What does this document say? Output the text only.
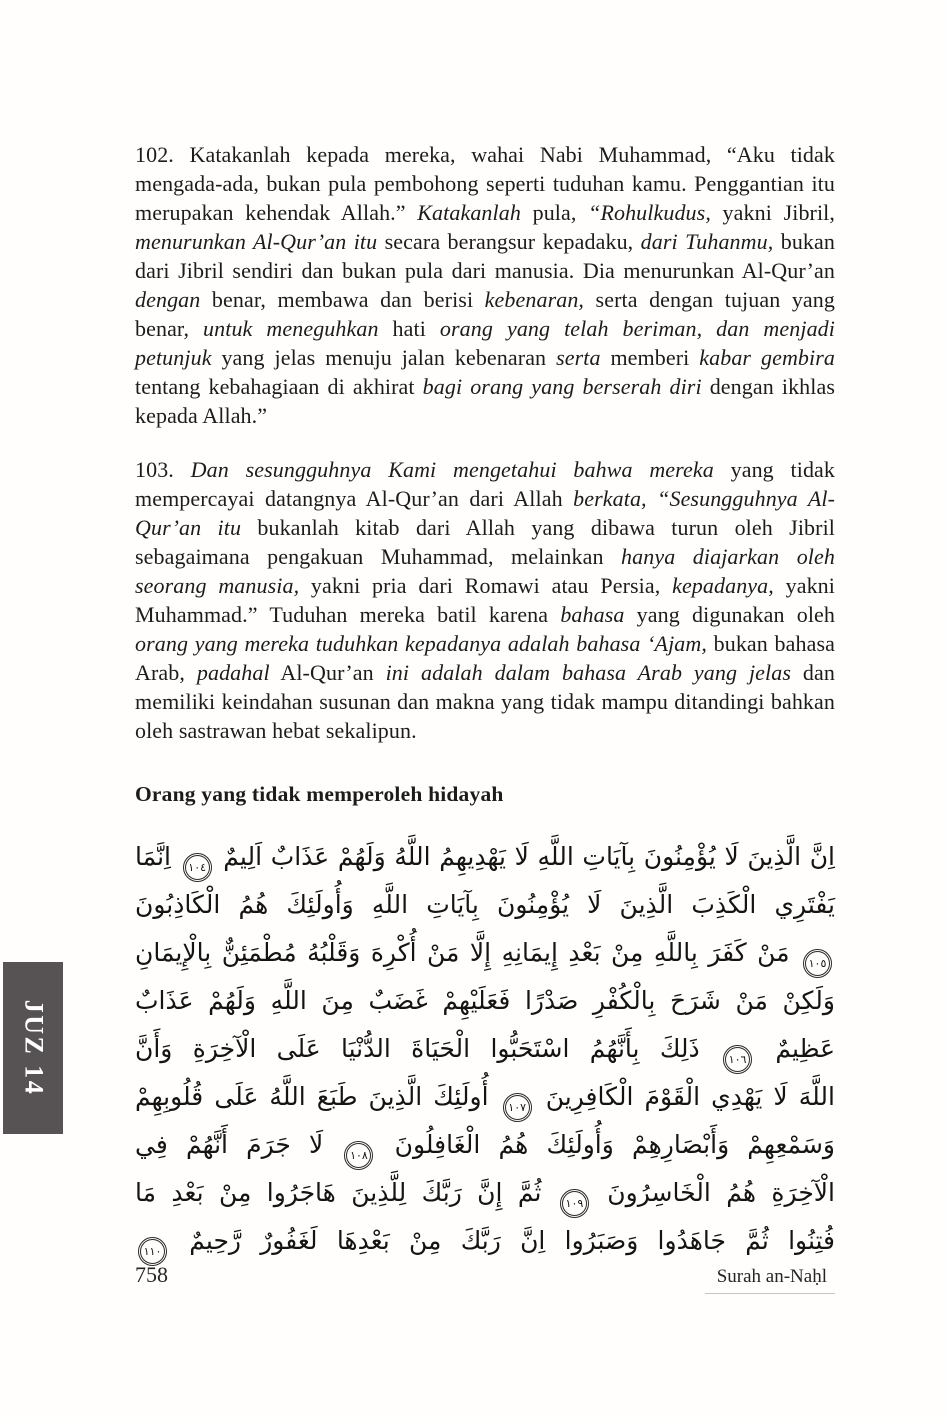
102. Katakanlah kepada mereka, wahai Nabi Muhammad, “Aku tidak mengada-ada, bukan pula pembohong seperti tuduhan kamu. Penggantian itu merupakan kehendak Allah.” Katakanlah pula, “Rohulkudus, yakni Jibril, menurunkan Al-Qur’an itu secara berangsur kepadaku, dari Tuhanmu, bukan dari Jibril sendiri dan bukan pula dari manusia. Dia menurunkan Al-Qur’an dengan benar, membawa dan berisi kebenaran, serta dengan tujuan yang benar, untuk meneguhkan hati orang yang telah beriman, dan menjadi petunjuk yang jelas menuju jalan kebenaran serta memberi kabar gembira tentang kebahagiaan di akhirat bagi orang yang berserah diri dengan ikhlas kepada Allah.”

103. Dan sesungguhnya Kami mengetahui bahwa mereka yang tidak mempercayai datangnya Al-Qur’an dari Allah berkata, “Sesungguhnya Al-Qur’an itu bukanlah kitab dari Allah yang dibawa turun oleh Jibril sebagaimana pengakuan Muhammad, melainkan hanya diajarkan oleh seorang manusia, yakni pria dari Romawi atau Persia, kepadanya, yakni Muhammad.” Tuduhan mereka batil karena bahasa yang digunakan oleh orang yang mereka tuduhkan kepadanya adalah bahasa ‘Ajam, bukan bahasa Arab, padahal Al-Qur’an ini adalah dalam bahasa Arab yang jelas dan memiliki keindahan susunan dan makna yang tidak mampu ditandingi bahkan oleh sastrawan hebat sekalipun.

Orang yang tidak memperoleh hidayah
اِنَّ الَّذِينَ لَا يُؤْمِنُونَ بِآيَاتِ اللَّهِ لَا يَهْدِيهِمُ اللَّهُ وَلَهُمْ عَذَابٌ اَلِيمٌ ١٠٤ اِنَّمَا
يَفْتَرِي الْكَذِبَ الَّذِينَ لَا يُؤْمِنُونَ بِآيَاتِ اللَّهِ وَأُولَئِكَ هُمُ الْكَاذِبُونَ
١٠٥ مَنْ كَفَرَ بِاللَّهِ مِنْ بَعْدِ إِيمَانِهِ إِلَّا مَنْ أُكْرِهَ وَقَلْبُهُ مُطْمَئِنٌّ بِالْإِيمَانِ
وَلَكِنْ مَنْ شَرَحَ بِالْكُفْرِ صَدْرًا فَعَلَيْهِمْ غَضَبٌ مِنَ اللَّهِ وَلَهُمْ عَذَابٌ
عَظِيمٌ ١٠٦ ذَلِكَ بِأَنَّهُمُ اسْتَحَبُّوا الْحَيَاةَ الدُّنْيَا عَلَى الْآخِرَةِ وَأَنَّ
اللَّهَ لَا يَهْدِي الْقَوْمَ الْكَافِرِينَ ١٠٧ أُولَئِكَ الَّذِينَ طَبَعَ اللَّهُ عَلَى قُلُوبِهِمْ
وَسَمْعِهِمْ وَأَبْصَارِهِمْ وَأُولَئِكَ هُمُ الْغَافِلُونَ ١٠٨ لَا جَرَمَ أَنَّهُمْ فِي
الْآخِرَةِ هُمُ الْخَاسِرُونَ ١٠٩ ثُمَّ إِنَّ رَبَّكَ لِلَّذِينَ هَاجَرُوا مِنْ بَعْدِ مَا
فُتِنُوا ثُمَّ جَاهَدُوا وَصَبَرُوا اِنَّ رَبَّكَ مِنْ بَعْدِهَا لَغَفُورٌ رَّحِيمٌ ١١٠
JUZ 14
758	Surah an-Naḥl
